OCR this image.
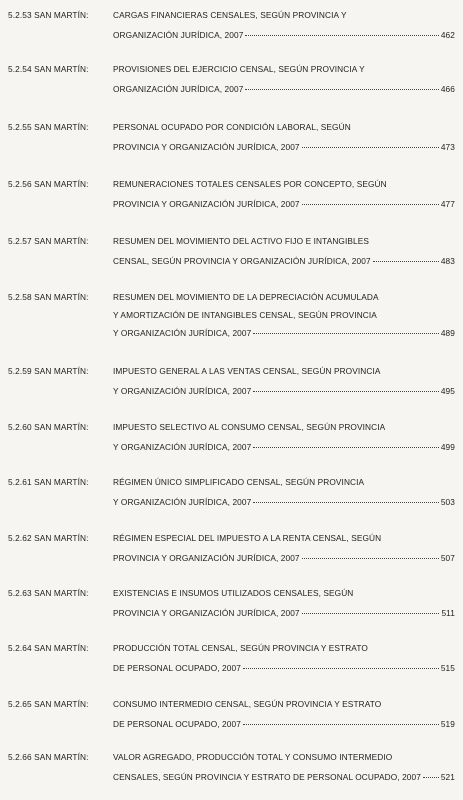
5.2.53 SAN MARTÍN:	CARGAS FINANCIERAS CENSALES, SEGÚN PROVINCIA Y
ORGANIZACIÓN JURÍDICA, 2007	462
5.2.54 SAN MARTÍN:	PROVISIONES DEL EJERCICIO CENSAL, SEGÚN PROVINCIA Y
ORGANIZACIÓN JURÍDICA, 2007	466
5.2.55 SAN MARTÍN:	PERSONAL OCUPADO POR CONDICIÓN LABORAL, SEGÚN
PROVINCIA Y ORGANIZACIÓN JURÍDICA, 2007	473
5.2.56 SAN MARTÍN:	REMUNERACIONES TOTALES CENSALES POR CONCEPTO, SEGÚN
PROVINCIA Y ORGANIZACIÓN JURÍDICA, 2007	477
5.2.57 SAN MARTÍN:	RESUMEN DEL MOVIMIENTO DEL ACTIVO FIJO E INTANGIBLES
CENSAL, SEGÚN PROVINCIA Y ORGANIZACIÓN JURÍDICA, 2007	483
5.2.58 SAN MARTÍN:	RESUMEN DEL MOVIMIENTO DE LA DEPRECIACIÓN ACUMULADA
Y AMORTIZACIÓN DE INTANGIBLES CENSAL, SEGÚN PROVINCIA
Y ORGANIZACIÓN JURÍDICA, 2007	489
5.2.59 SAN MARTÍN:	IMPUESTO GENERAL A LAS VENTAS CENSAL, SEGÚN PROVINCIA
Y ORGANIZACIÓN JURÍDICA, 2007	495
5.2.60 SAN MARTÍN:	IMPUESTO SELECTIVO AL CONSUMO CENSAL, SEGÚN PROVINCIA
Y ORGANIZACIÓN JURÍDICA, 2007	499
5.2.61 SAN MARTÍN:	RÉGIMEN ÚNICO SIMPLIFICADO CENSAL, SEGÚN PROVINCIA
Y ORGANIZACIÓN JURÍDICA, 2007	503
5.2.62 SAN MARTÍN:	RÉGIMEN ESPECIAL DEL IMPUESTO A LA RENTA CENSAL, SEGÚN
PROVINCIA Y ORGANIZACIÓN JURÍDICA, 2007	507
5.2.63 SAN MARTÍN:	EXISTENCIAS E INSUMOS UTILIZADOS CENSALES, SEGÚN
PROVINCIA Y ORGANIZACIÓN JURÍDICA, 2007	511
5.2.64 SAN MARTÍN:	PRODUCCIÓN TOTAL CENSAL, SEGÚN PROVINCIA Y ESTRATO
DE PERSONAL OCUPADO, 2007	515
5.2.65 SAN MARTÍN:	CONSUMO INTERMEDIO CENSAL, SEGÚN PROVINCIA Y ESTRATO
DE PERSONAL OCUPADO, 2007	519
5.2.66 SAN MARTÍN:	VALOR AGREGADO, PRODUCCIÓN TOTAL Y CONSUMO INTERMEDIO
CENSALES, SEGÚN PROVINCIA Y ESTRATO DE PERSONAL OCUPADO, 2007 521
